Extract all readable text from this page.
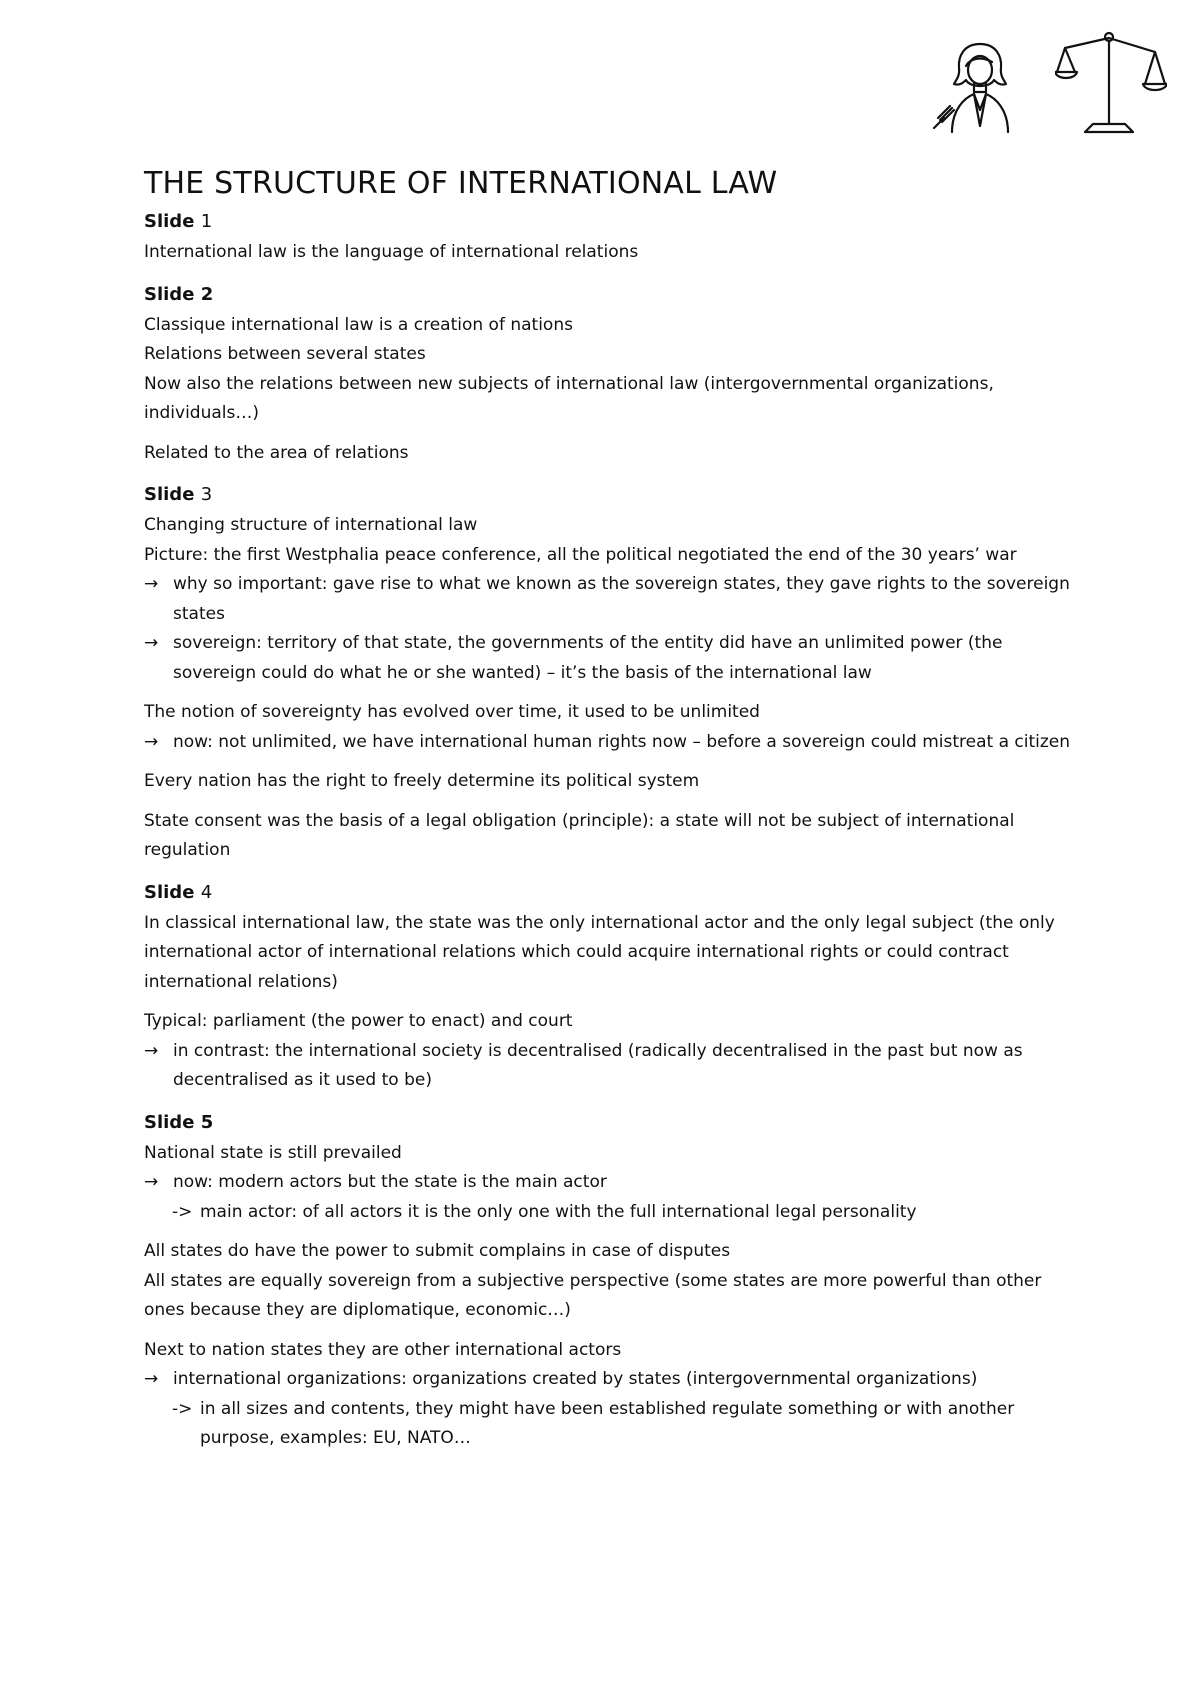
THE STRUCTURE OF INTERNATIONAL LAW
Slide 1

International law is the language of international relations

Slide 2

Classique international law is a creation of nations

Relations between several states

Now also the relations between new subjects of international law (intergovernmental organizations, individuals…)

Related to the area of relations

Slide 3

Changing structure of international law

Picture: the first Westphalia peace conference, all the political negotiated the end of the 30 years’ war

→ why so important: gave rise to what we known as the sovereign states, they gave rights to the sovereign states

→ sovereign: territory of that state, the governments of the entity did have an unlimited power (the sovereign could do what he or she wanted) – it’s the basis of the international law

The notion of sovereignty has evolved over time, it used to be unlimited

→ now: not unlimited, we have international human rights now – before a sovereign could mistreat a citizen

Every nation has the right to freely determine its political system

State consent was the basis of a legal obligation (principle): a state will not be subject of international regulation

Slide 4

In classical international law, the state was the only international actor and the only legal subject (the only international actor of international relations which could acquire international rights or could contract international relations)

Typical: parliament (the power to enact) and court

→ in contrast: the international society is decentralised (radically decentralised in the past but now as decentralised as it used to be)

Slide 5

National state is still prevailed

→ now: modern actors but the state is the main actor

-> main actor: of all actors it is the only one with the full international legal personality

All states do have the power to submit complains in case of disputes

All states are equally sovereign from a subjective perspective (some states are more powerful than other ones because they are diplomatique, economic…)

Next to nation states they are other international actors

→ international organizations: organizations created by states (intergovernmental organizations)

-> in all sizes and contents, they might have been established regulate something or with another purpose, examples: EU, NATO…
